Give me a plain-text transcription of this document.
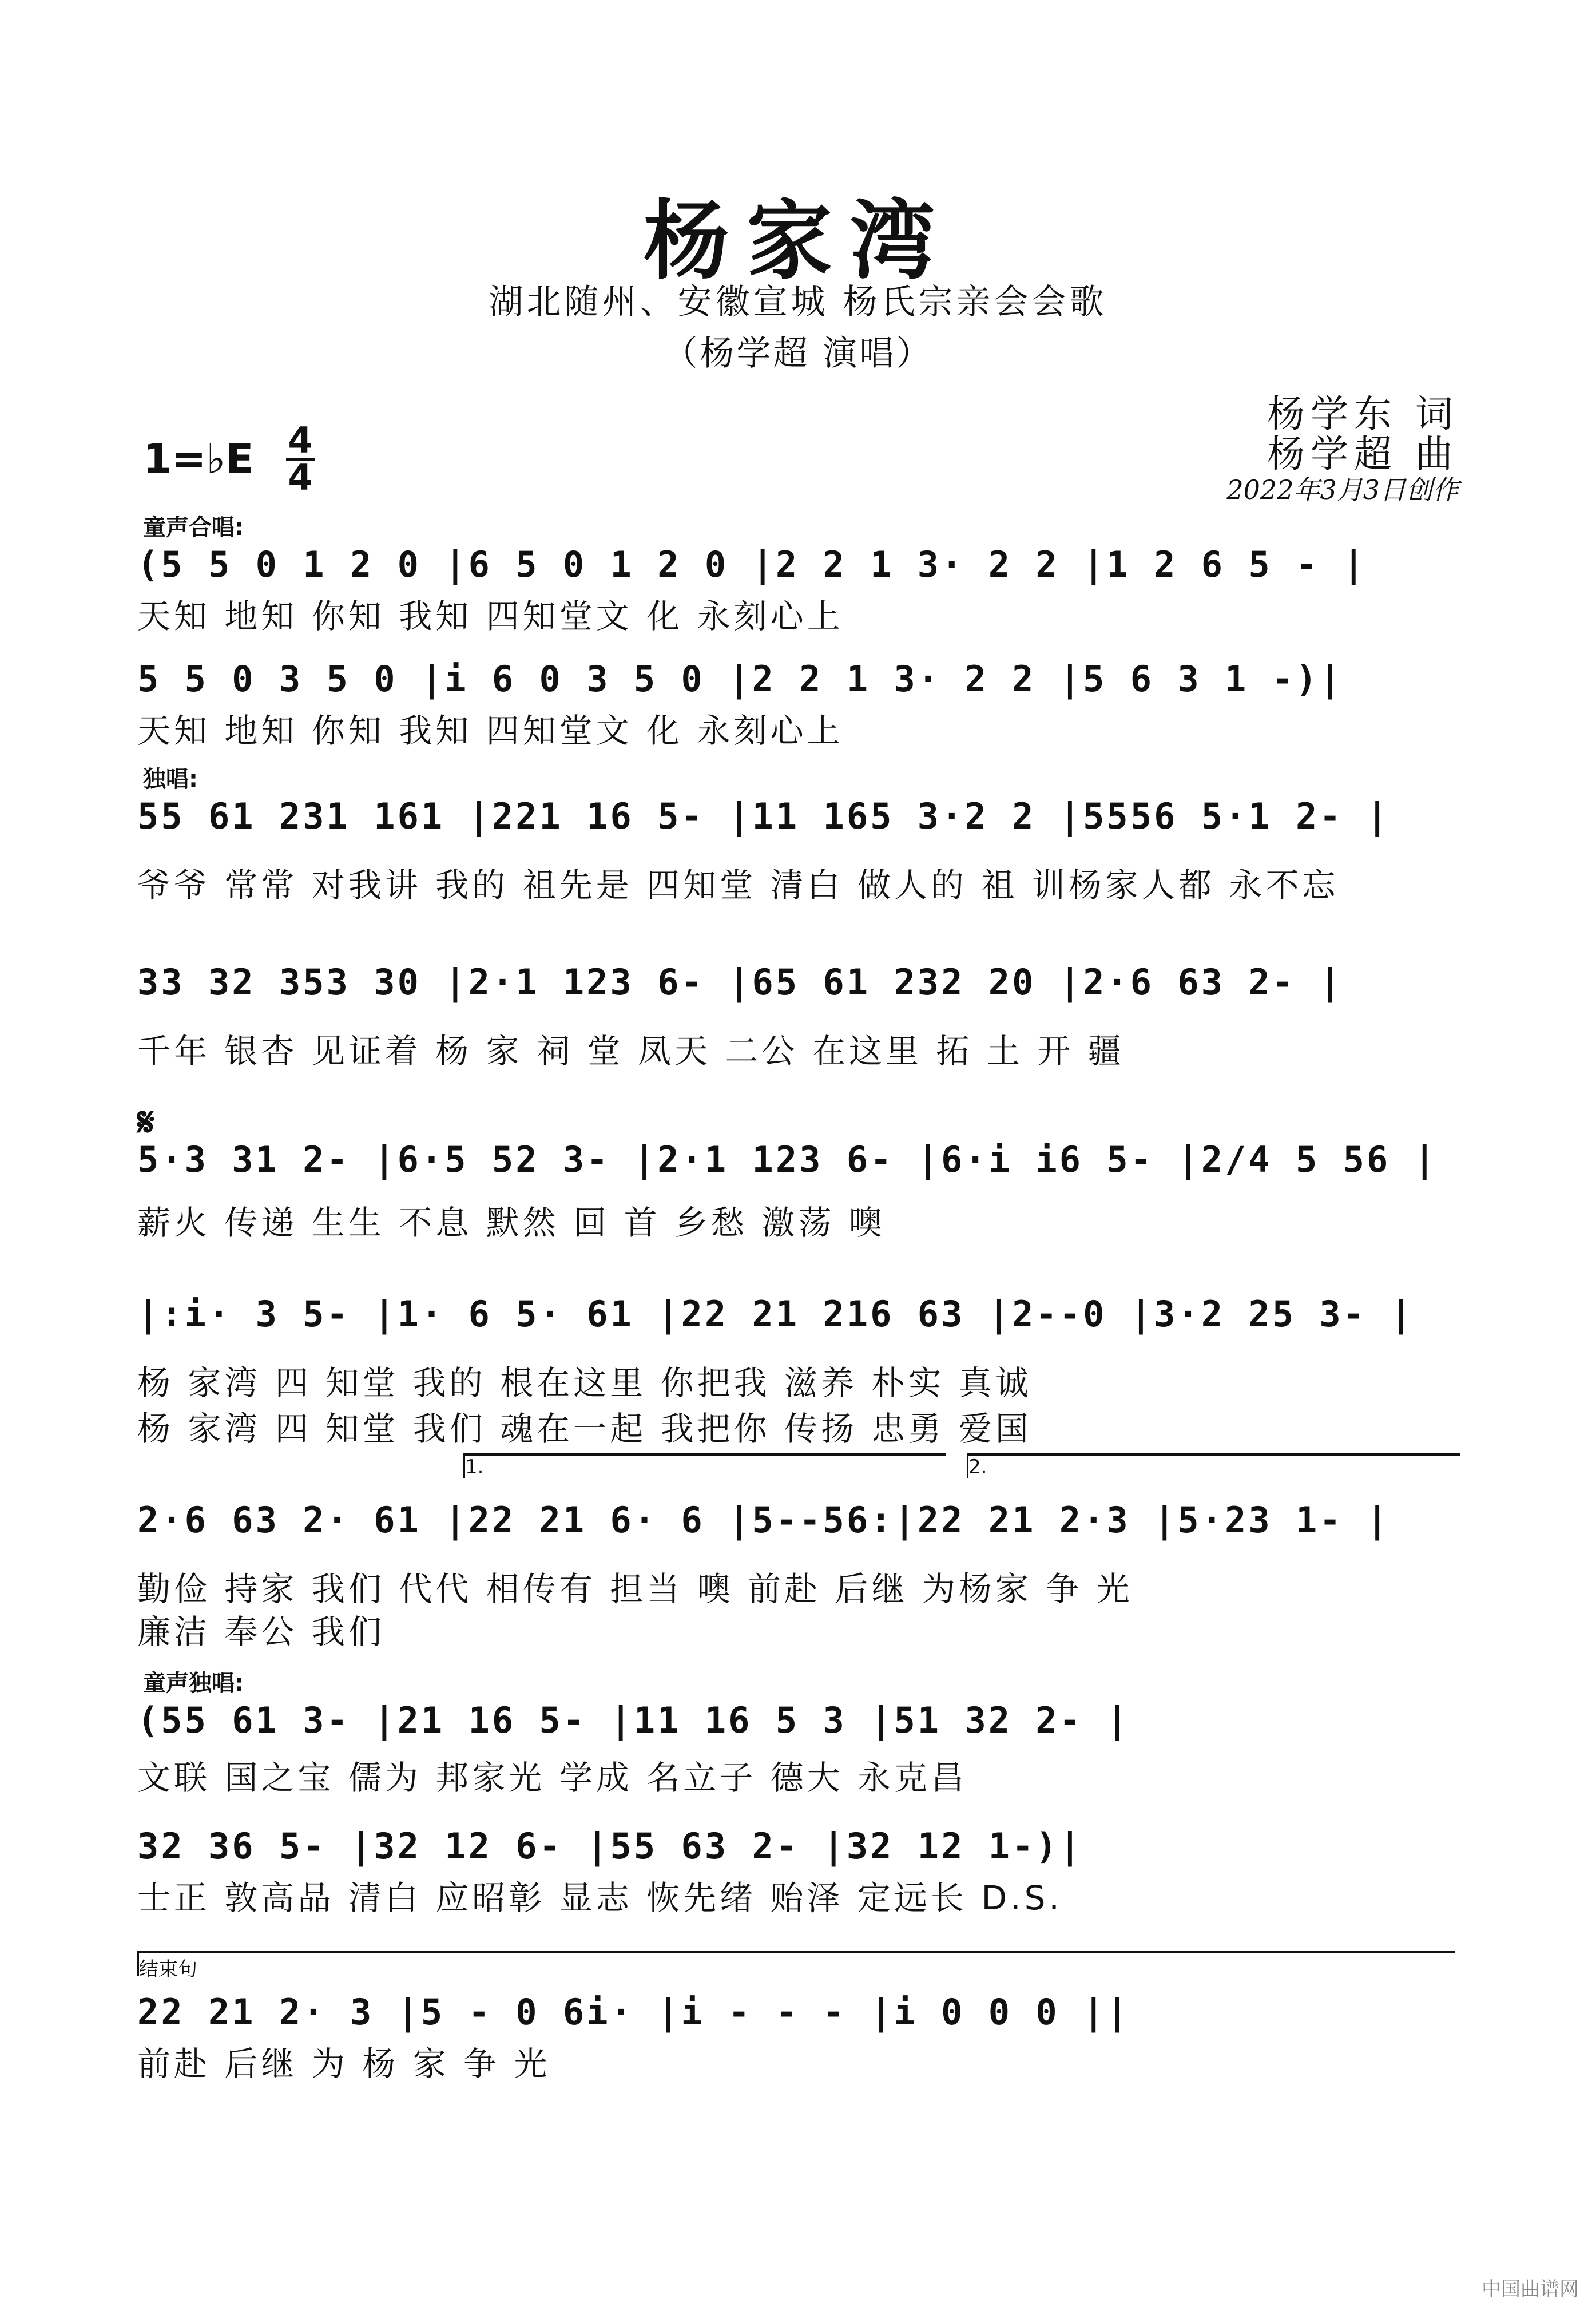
杨家湾
湖北随州、安徽宣城 杨氏宗亲会会歌
（杨学超 演唱）
杨学东 词
杨学超 曲
2022年3月3日创作
1=♭E 4
4
童声合唱:
(5 5 0 1 2 0 |6 5 0 1 2 0 |2 2 1 3· 2 2 |1 2 6 5 - |
天知 地知 你知 我知 四知堂文 化 永刻心上
5 5 0 3 5 0 |i 6 0 3 5 0 |2 2 1 3· 2 2 |5 6 3 1 -)|
天知 地知 你知 我知 四知堂文 化 永刻心上
独唱:
55 61 231 161 |221 16 5- |11 165 3·2 2 |5556 5·1 2- |
爷爷 常常 对我讲 我的 祖先是 四知堂 清白 做人的 祖 训杨家人都 永不忘
33 32 353 30 |2·1 123 6- |65 61 232 20 |2·6 63 2- |
千年 银杏 见证着 杨 家 祠 堂 凤天 二公 在这里 拓 土 开 疆
𝄋
5·3 31 2- |6·5 52 3- |2·1 123 6- |6·i i6 5- |2/4 5 56 |
薪火 传递 生生 不息 默然 回 首 乡愁 激荡 噢
|:i· 3 5- |1· 6 5· 61 |22 21 216 63 |2--0 |3·2 25 3- |
杨 家湾 四 知堂 我的 根在这里 你把我 滋养 朴实 真诚
杨 家湾 四 知堂 我们 魂在一起 我把你 传扬 忠勇 爱国
1.	2.
2·6 63 2· 61 |22 21 6· 6 |5--56:|22 21 2·3 |5·23 1- |
勤俭 持家 我们 代代 相传有 担当 噢 前赴 后继 为杨家 争 光
廉洁 奉公 我们
童声独唱:
(55 61 3- |21 16 5- |11 16 5 3 |51 32 2- |
文联 国之宝 儒为 邦家光 学成 名立子 德大 永克昌
32 36 5- |32 12 6- |55 63 2- |32 12 1-)|
士正 敦高品 清白 应昭彰 显志 恢先绪 贻泽 定远长 D.S.
结束句
22 21 2· 3 |5 - 0 6i· |i - - - |i 0 0 0 ||
前赴 后继 为 杨 家 争 光
中国曲谱网
